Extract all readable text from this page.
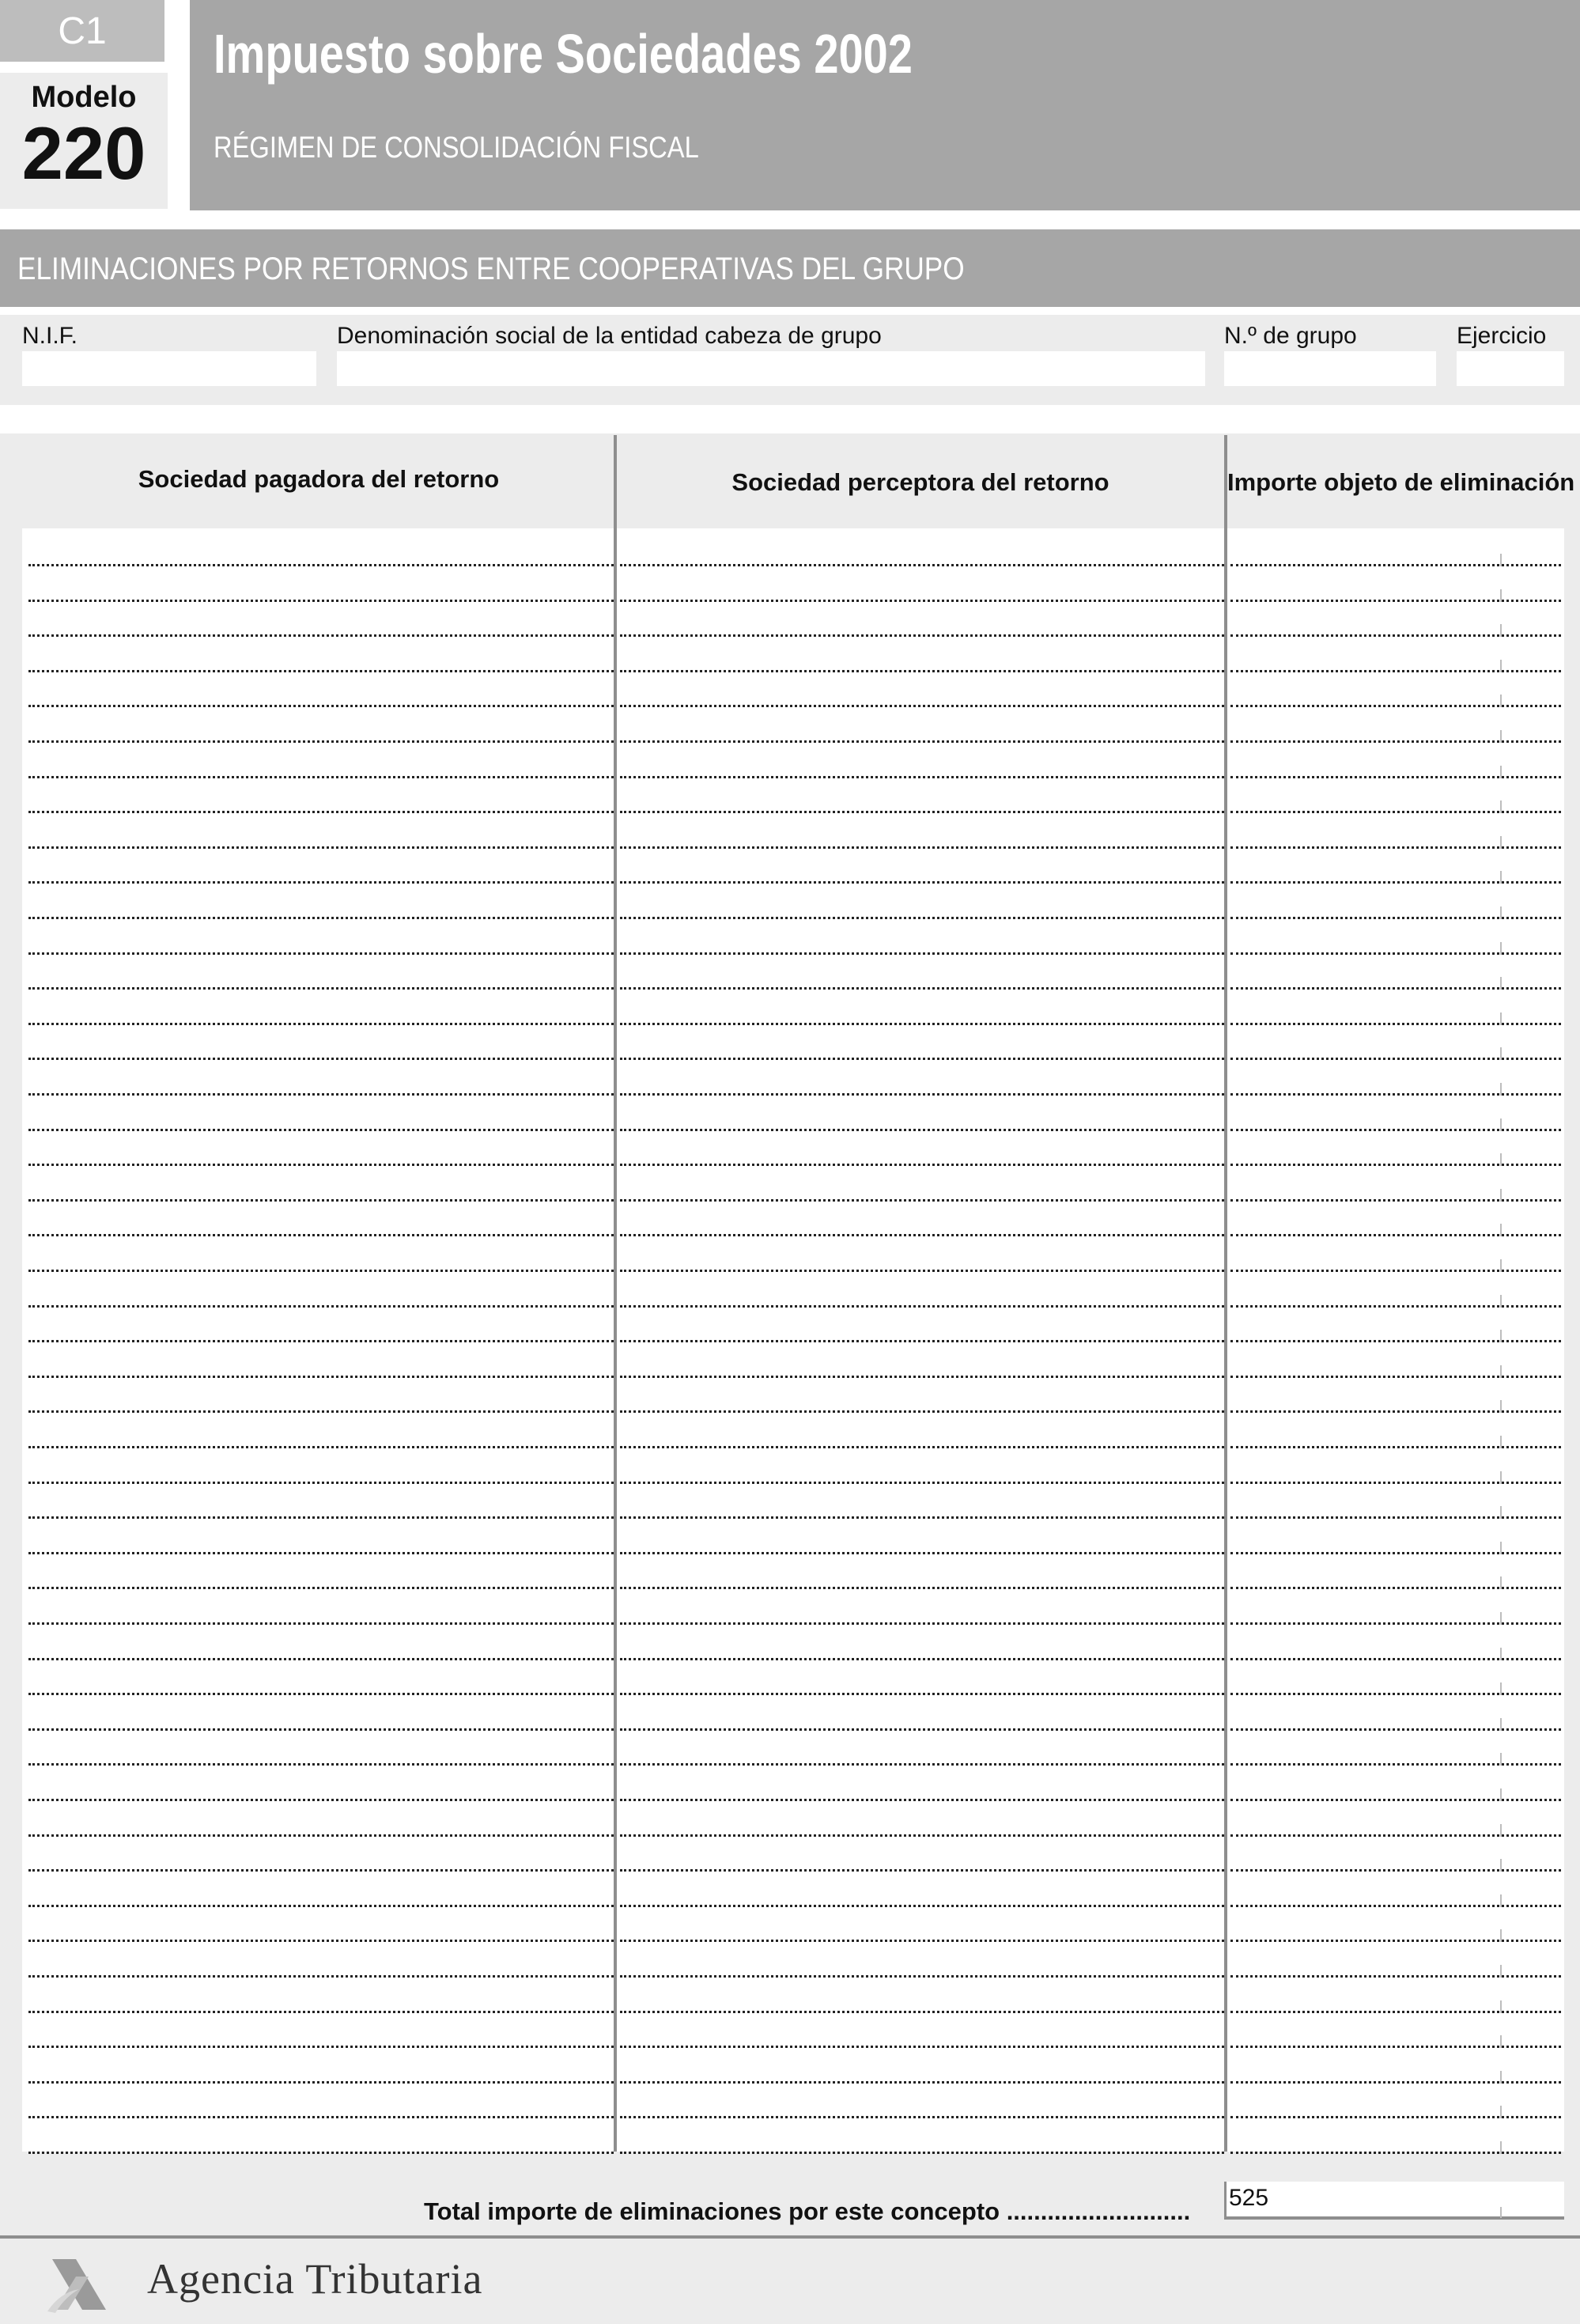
C1
Modelo
220
Impuesto sobre Sociedades 2002
RÉGIMEN DE CONSOLIDACIÓN FISCAL
ELIMINACIONES POR RETORNOS ENTRE COOPERATIVAS DEL GRUPO
N.I.F.	Denominación social de la entidad cabeza de grupo	N.º de grupo	Ejercicio
Sociedad pagadora del retorno	Sociedad perceptora del retorno	Importe objeto de eliminación
Total importe de eliminaciones por este concepto ........................... 525
Agencia Tributaria
